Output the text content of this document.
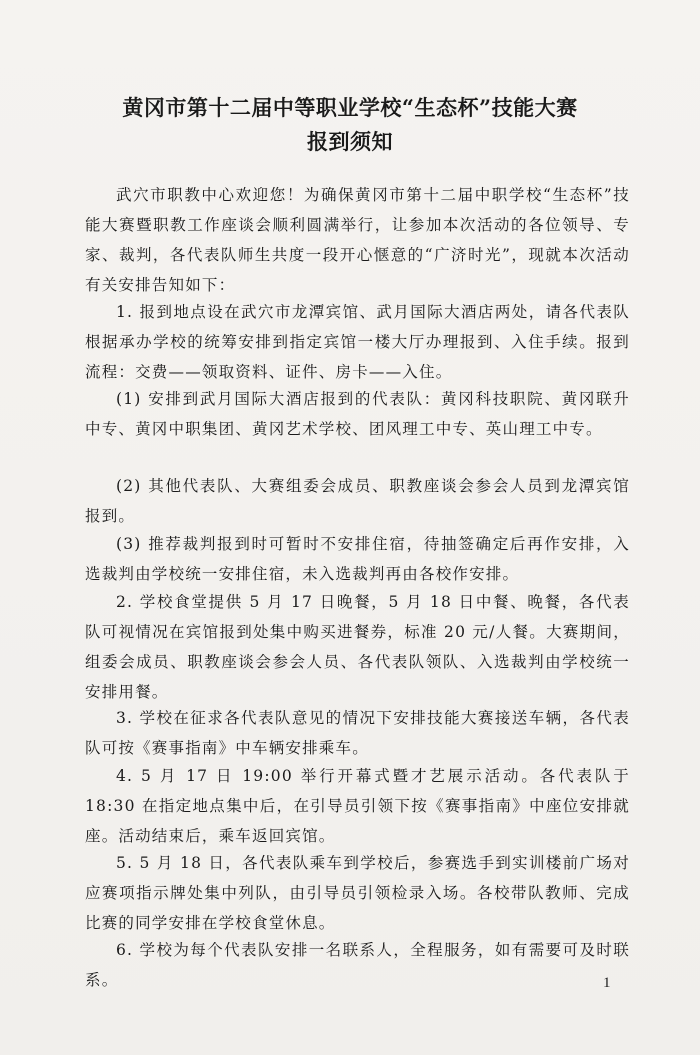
黄冈市第十二届中等职业学校“生态杯”技能大赛
报到须知
武穴市职教中心欢迎您！为确保黄冈市第十二届中职学校“生态杯”技能大赛暨职教工作座谈会顺利圆满举行，让参加本次活动的各位领导、专家、裁判，各代表队师生共度一段开心惬意的“广济时光”，现就本次活动有关安排告知如下：
1. 报到地点设在武穴市龙潭宾馆、武月国际大酒店两处，请各代表队根据承办学校的统筹安排到指定宾馆一楼大厅办理报到、入住手续。报到流程：交费——领取资料、证件、房卡——入住。
(1) 安排到武月国际大酒店报到的代表队：黄冈科技职院、黄冈联升中专、黄冈中职集团、黄冈艺术学校、团风理工中专、英山理工中专。
(2) 其他代表队、大赛组委会成员、职教座谈会参会人员到龙潭宾馆报到。
(3) 推荐裁判报到时可暂时不安排住宿，待抽签确定后再作安排，入选裁判由学校统一安排住宿，未入选裁判再由各校作安排。
2. 学校食堂提供 5 月 17 日晚餐，5 月 18 日中餐、晚餐，各代表队可视情况在宾馆报到处集中购买进餐券，标准 20 元/人餐。大赛期间，组委会成员、职教座谈会参会人员、各代表队领队、入选裁判由学校统一安排用餐。
3. 学校在征求各代表队意见的情况下安排技能大赛接送车辆，各代表队可按《赛事指南》中车辆安排乘车。
4. 5 月 17 日 19:00 举行开幕式暨才艺展示活动。各代表队于 18:30 在指定地点集中后，在引导员引领下按《赛事指南》中座位安排就座。活动结束后，乘车返回宾馆。
5. 5 月 18 日，各代表队乘车到学校后，参赛选手到实训楼前广场对应赛项指示牌处集中列队，由引导员引领检录入场。各校带队教师、完成比赛的同学安排在学校食堂休息。
6. 学校为每个代表队安排一名联系人，全程服务，如有需要可及时联系。	1
